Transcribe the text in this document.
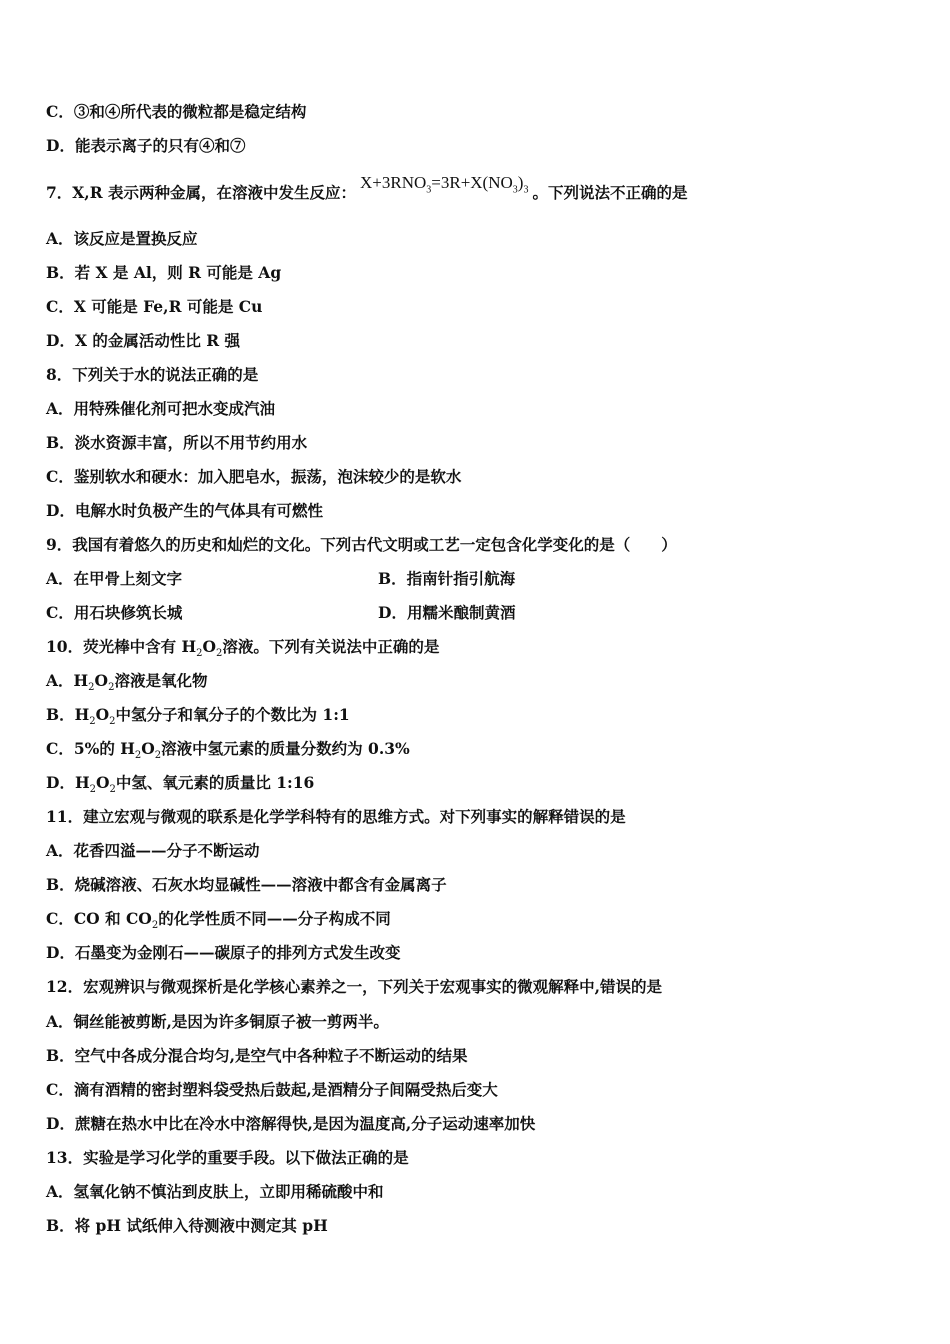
C．③和④所代表的微粒都是稳定结构
D．能表示离子的只有④和⑦
7．X,R 表示两种金属，在溶液中发生反应：$X+3RNO_3=3R+X(NO_3)_3$ 。下列说法不正确的是
A．该反应是置换反应
B．若 X 是 Al，则 R 可能是 Ag
C．X 可能是 Fe,R 可能是 Cu
D．X 的金属活动性比 R 强
8．下列关于水的说法正确的是
A．用特殊催化剂可把水变成汽油
B．淡水资源丰富，所以不用节约用水
C．鉴别软水和硬水：加入肥皂水，振荡，泡沫较少的是软水
D．电解水时负极产生的气体具有可燃性
9．我国有着悠久的历史和灿烂的文化。下列古代文明或工艺一定包含化学变化的是（　　）
A．在甲骨上刻文字	B．指南针指引航海
C．用石块修筑长城	D．用糯米酿制黄酒
10．荧光棒中含有 $H_2O_2$溶液。下列有关说法中正确的是
A．$H_2O_2$溶液是氧化物
B．$H_2O_2$中氢分子和氧分子的个数比为 1:1
C．5%的 $H_2O_2$溶液中氢元素的质量分数约为 0.3%
D．$H_2O_2$中氢、氧元素的质量比 1:16
11．建立宏观与微观的联系是化学学科特有的思维方式。对下列事实的解释错误的是
A．花香四溢——分子不断运动
B．烧碱溶液、石灰水均显碱性——溶液中都含有金属离子
C．CO 和 $CO_2$的化学性质不同——分子构成不同
D．石墨变为金刚石——碳原子的排列方式发生改变
12．宏观辨识与微观探析是化学核心素养之一，下列关于宏观事实的微观解释中,错误的是
A．铜丝能被剪断,是因为许多铜原子被一剪两半。
B．空气中各成分混合均匀,是空气中各种粒子不断运动的结果
C．滴有酒精的密封塑料袋受热后鼓起,是酒精分子间隔受热后变大
D．蔗糖在热水中比在冷水中溶解得快,是因为温度高,分子运动速率加快
13．实验是学习化学的重要手段。以下做法正确的是
A．氢氧化钠不慎沾到皮肤上，立即用稀硫酸中和
B．将 pH 试纸伸入待测液中测定其 pH
